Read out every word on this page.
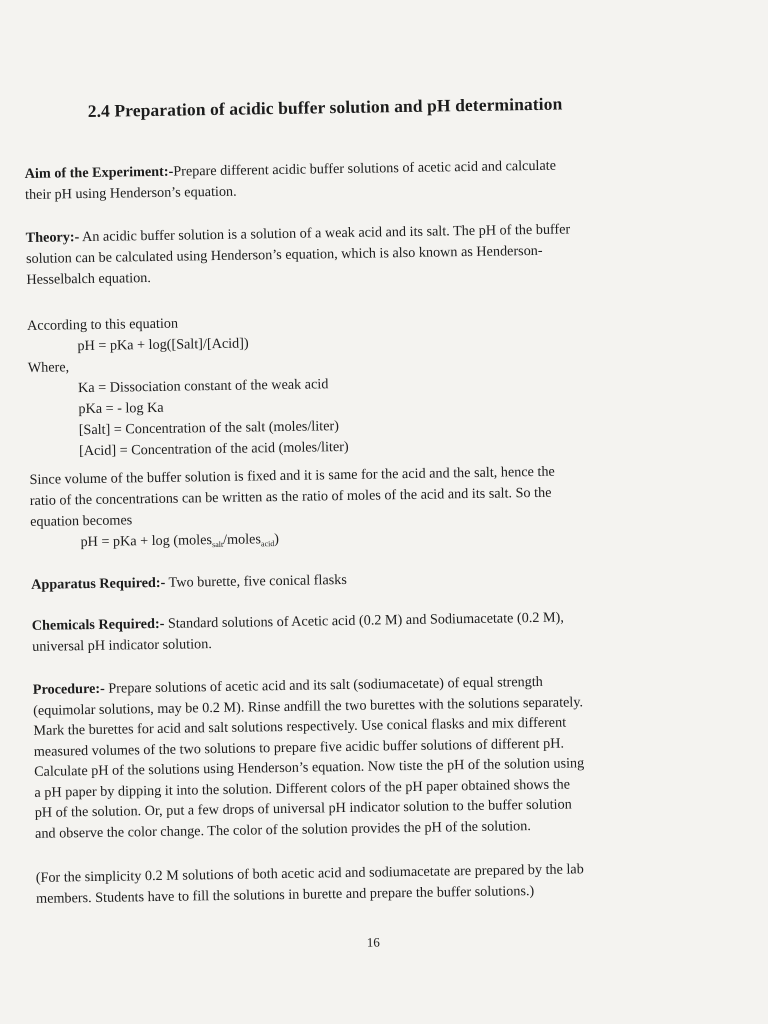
2.4 Preparation of acidic buffer solution and pH determination
Aim of the Experiment:-Prepare different acidic buffer solutions of acetic acid and calculate
their pH using Henderson’s equation.
Theory:- An acidic buffer solution is a solution of a weak acid and its salt. The pH of the buffer
solution can be calculated using Henderson’s equation, which is also known as Henderson-
Hesselbalch equation.
According to this equation
pH = pKa + log([Salt]/[Acid])
Where,
Ka = Dissociation constant of the weak acid
pKa = - log Ka
[Salt] = Concentration of the salt (moles/liter)
[Acid] = Concentration of the acid (moles/liter)
Since volume of the buffer solution is fixed and it is same for the acid and the salt, hence the
ratio of the concentrations can be written as the ratio of moles of the acid and its salt. So the
equation becomes
pH = pKa + log (moles$_{salt}$/moles$_{acid}$)
Apparatus Required:- Two burette, five conical flasks
Chemicals Required:- Standard solutions of Acetic acid (0.2 M) and Sodiumacetate (0.2 M),
universal pH indicator solution.
Procedure:- Prepare solutions of acetic acid and its salt (sodiumacetate) of equal strength
(equimolar solutions, may be 0.2 M). Rinse andfill the two burettes with the solutions separately.
Mark the burettes for acid and salt solutions respectively. Use conical flasks and mix different
measured volumes of the two solutions to prepare five acidic buffer solutions of different pH.
Calculate pH of the solutions using Henderson’s equation. Now tiste the pH of the solution using
a pH paper by dipping it into the solution. Different colors of the pH paper obtained shows the
pH of the solution. Or, put a few drops of universal pH indicator solution to the buffer solution
and observe the color change. The color of the solution provides the pH of the solution.
(For the simplicity 0.2 M solutions of both acetic acid and sodiumacetate are prepared by the lab
members. Students have to fill the solutions in burette and prepare the buffer solutions.)
16
